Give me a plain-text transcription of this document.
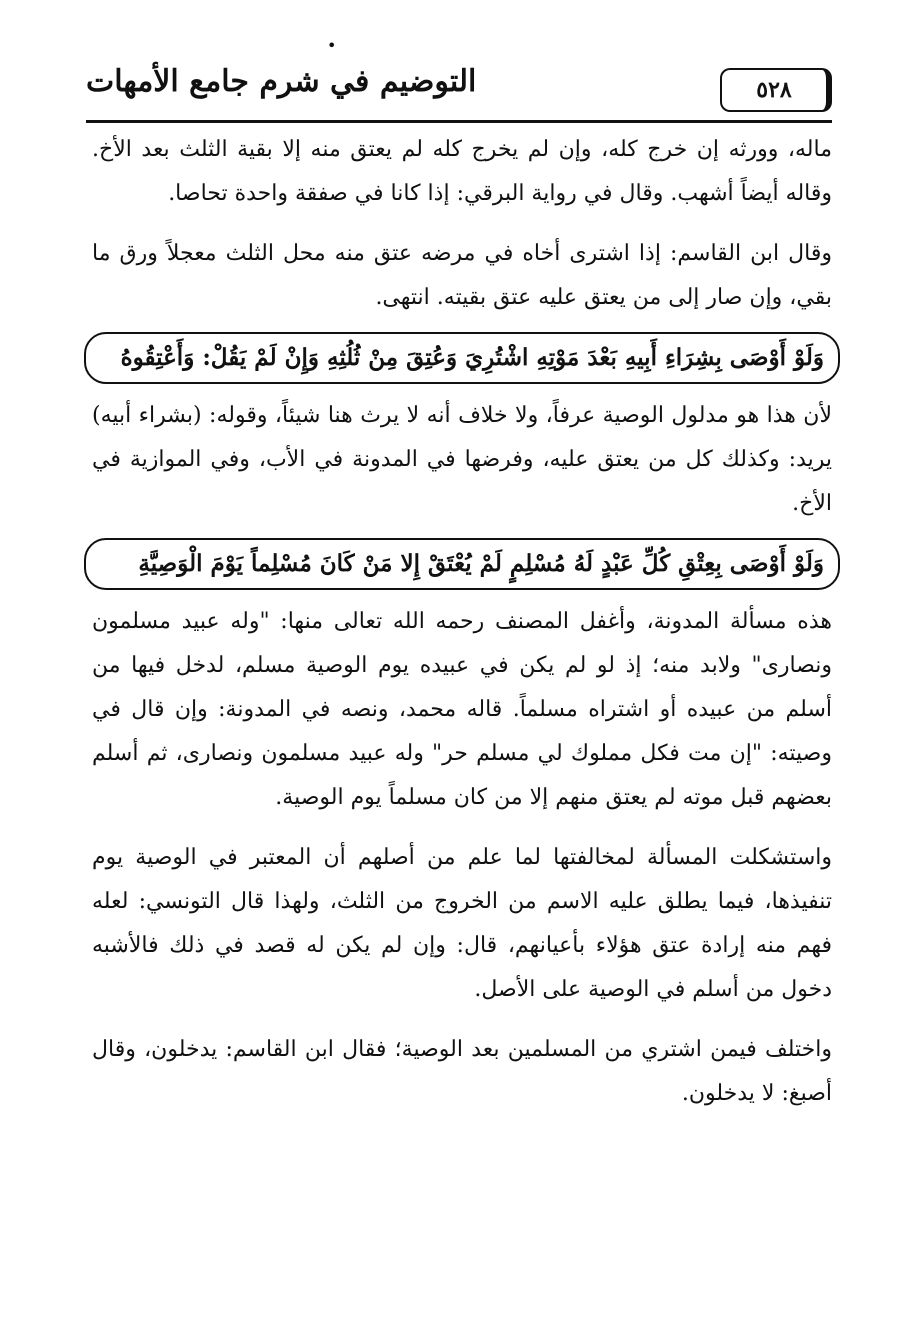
•
٥٢٨
التوضيم في شرم جامع الأمهات

ماله، وورثه إن خرج كله، وإن لم يخرج كله لم يعتق منه إلا بقية الثلث بعد الأخ. وقاله أيضاً أشهب. وقال في رواية البرقي: إذا كانا في صفقة واحدة تحاصا.

وقال ابن القاسم: إذا اشترى أخاه في مرضه عتق منه محل الثلث معجلاً ورق ما بقي، وإن صار إلى من يعتق عليه عتق بقيته. انتهى.

وَلَوْ أَوْصَى بِشِرَاءِ أَبِيهِ بَعْدَ مَوْتِهِ اشْتُرِيَ وَعُتِقَ مِنْ ثُلُثِهِ وَإِنْ لَمْ يَقُلْ: وَأَعْتِقُوهُ

لأن هذا هو مدلول الوصية عرفاً، ولا خلاف أنه لا يرث هنا شيئاً، وقوله: (بشراء أبيه) يريد: وكذلك كل من يعتق عليه، وفرضها في المدونة في الأب، وفي الموازية في الأخ.

وَلَوْ أَوْصَى بِعِتْقِ كُلِّ عَبْدٍ لَهُ مُسْلِمٍ لَمْ يُعْتَقْ إِلا مَنْ كَانَ مُسْلِماً يَوْمَ الْوَصِيَّةِ

هذه مسألة المدونة، وأغفل المصنف رحمه الله تعالى منها: "وله عبيد مسلمون ونصارى" ولابد منه؛ إذ لو لم يكن في عبيده يوم الوصية مسلم، لدخل فيها من أسلم من عبيده أو اشتراه مسلماً. قاله محمد، ونصه في المدونة: وإن قال في وصيته: "إن مت فكل مملوك لي مسلم حر" وله عبيد مسلمون ونصارى، ثم أسلم بعضهم قبل موته لم يعتق منهم إلا من كان مسلماً يوم الوصية.

واستشكلت المسألة لمخالفتها لما علم من أصلهم أن المعتبر في الوصية يوم تنفيذها، فيما يطلق عليه الاسم من الخروج من الثلث، ولهذا قال التونسي: لعله فهم منه إرادة عتق هؤلاء بأعيانهم، قال: وإن لم يكن له قصد في ذلك فالأشبه دخول من أسلم في الوصية على الأصل.

واختلف فيمن اشتري من المسلمين بعد الوصية؛ فقال ابن القاسم: يدخلون، وقال أصبغ: لا يدخلون.
